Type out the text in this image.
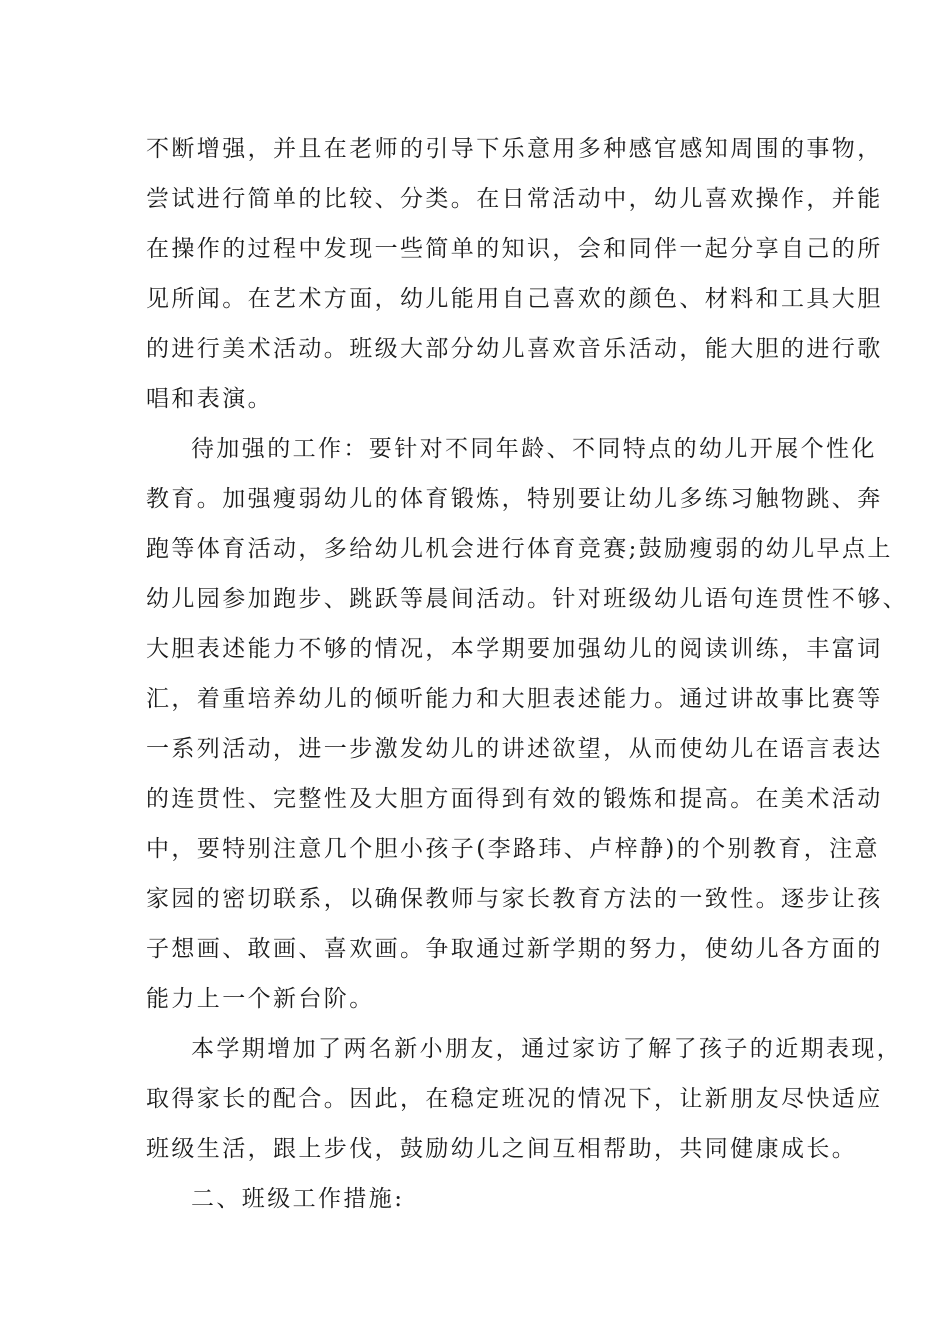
不断增强，并且在老师的引导下乐意用多种感官感知周围的事物，
尝试进行简单的比较、分类。在日常活动中，幼儿喜欢操作，并能
在操作的过程中发现一些简单的知识，会和同伴一起分享自己的所
见所闻。在艺术方面，幼儿能用自己喜欢的颜色、材料和工具大胆
的进行美术活动。班级大部分幼儿喜欢音乐活动，能大胆的进行歌
唱和表演。
待加强的工作：要针对不同年龄、不同特点的幼儿开展个性化
教育。加强瘦弱幼儿的体育锻炼，特别要让幼儿多练习触物跳、奔
跑等体育活动，多给幼儿机会进行体育竞赛;鼓励瘦弱的幼儿早点上
幼儿园参加跑步、跳跃等晨间活动。针对班级幼儿语句连贯性不够、
大胆表述能力不够的情况，本学期要加强幼儿的阅读训练，丰富词
汇，着重培养幼儿的倾听能力和大胆表述能力。通过讲故事比赛等
一系列活动，进一步激发幼儿的讲述欲望，从而使幼儿在语言表达
的连贯性、完整性及大胆方面得到有效的锻炼和提高。在美术活动
中，要特别注意几个胆小孩子(李路玮、卢梓静)的个别教育，注意
家园的密切联系，以确保教师与家长教育方法的一致性。逐步让孩
子想画、敢画、喜欢画。争取通过新学期的努力，使幼儿各方面的
能力上一个新台阶。
本学期增加了两名新小朋友，通过家访了解了孩子的近期表现，
取得家长的配合。因此，在稳定班况的情况下，让新朋友尽快适应
班级生活，跟上步伐，鼓励幼儿之间互相帮助，共同健康成长。
二、班级工作措施:
